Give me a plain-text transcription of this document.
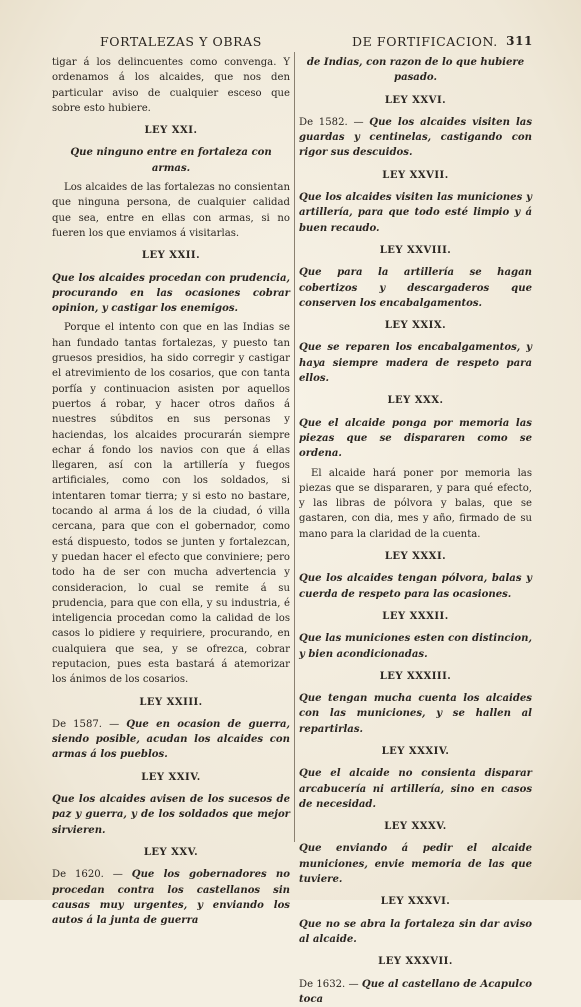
FORTALEZAS Y OBRAS	DE FORTIFICACION. 311

tigar á los delincuentes como convenga. Y ordenamos á los alcaides, que nos den particular aviso de cualquier esceso que sobre esto hubiere.

LEY XXI.

Que ninguno entre en fortaleza con armas.

Los alcaides de las fortalezas no consientan que ninguna persona, de cualquier calidad que sea, entre en ellas con armas, si no fueren los que enviamos á visitarlas.

LEY XXII.

Que los alcaides procedan con prudencia, procurando en las ocasiones cobrar opinion, y castigar los enemigos.

Porque el intento con que en las Indias se han fundado tantas fortalezas, y puesto tan gruesos presidios, ha sido corregir y castigar el atrevimiento de los cosarios, que con tanta porfía y continuacion asisten por aquellos puertos á robar, y hacer otros daños á nuestres súbditos en sus personas y haciendas, los alcaides procurarán siempre echar á fondo los navios con que á ellas llegaren, así con la artillería y fuegos artificiales, como con los soldados, si intentaren tomar tierra; y si esto no bastare, tocando al arma á los de la ciudad, ó villa cercana, para que con el gobernador, como está dispuesto, todos se junten y fortalezcan, y puedan hacer el efecto que conviniere; pero todo ha de ser con mucha advertencia y consideracion, lo cual se remite á su prudencia, para que con ella, y su industria, é inteligencia procedan como la calidad de los casos lo pidiere y requiriere, procurando, en cualquiera que sea, y se ofrezca, cobrar reputacion, pues esta bastará á atemorizar los ánimos de los cosarios.

LEY XXIII.

De 1587. — Que en ocasion de guerra, siendo posible, acudan los alcaides con armas á los pueblos.

LEY XXIV.

Que los alcaides avisen de los sucesos de paz y guerra, y de los soldados que mejor sirvieren.

LEY XXV.

De 1620. — Que los gobernadores no procedan contra los castellanos sin causas muy urgentes, y enviando los autos á la junta de guerra

de Indias, con razon de lo que hubiere pasado.

LEY XXVI.

De 1582. — Que los alcaides visiten las guardas y centinelas, castigando con rigor sus descuidos.

LEY XXVII.

Que los alcaides visiten las municiones y artillería, para que todo esté limpio y á buen recaudo.

LEY XXVIII.

Que para la artillería se hagan cobertizos y descargaderos que conserven los encabalgamentos.

LEY XXIX.

Que se reparen los encabalgamentos, y haya siempre madera de respeto para ellos.

LEY XXX.

Que el alcaide ponga por memoria las piezas que se dispararen como se ordena.

El alcaide hará poner por memoria las piezas que se dispararen, y para qué efecto, y las libras de pólvora y balas, que se gastaren, con dia, mes y año, firmado de su mano para la claridad de la cuenta.

LEY XXXI.

Que los alcaides tengan pólvora, balas y cuerda de respeto para las ocasiones.

LEY XXXII.

Que las municiones esten con distincion, y bien acondicionadas.

LEY XXXIII.

Que tengan mucha cuenta los alcaides con las municiones, y se hallen al repartirlas.

LEY XXXIV.

Que el alcaide no consienta disparar arcabucería ni artillería, sino en casos de necesidad.

LEY XXXV.

Que enviando á pedir el alcaide municiones, envie memoria de las que tuviere.

LEY XXXVI.

Que no se abra la fortaleza sin dar aviso al alcaide.

LEY XXXVII.

De 1632. — Que al castellano de Acapulco toca
